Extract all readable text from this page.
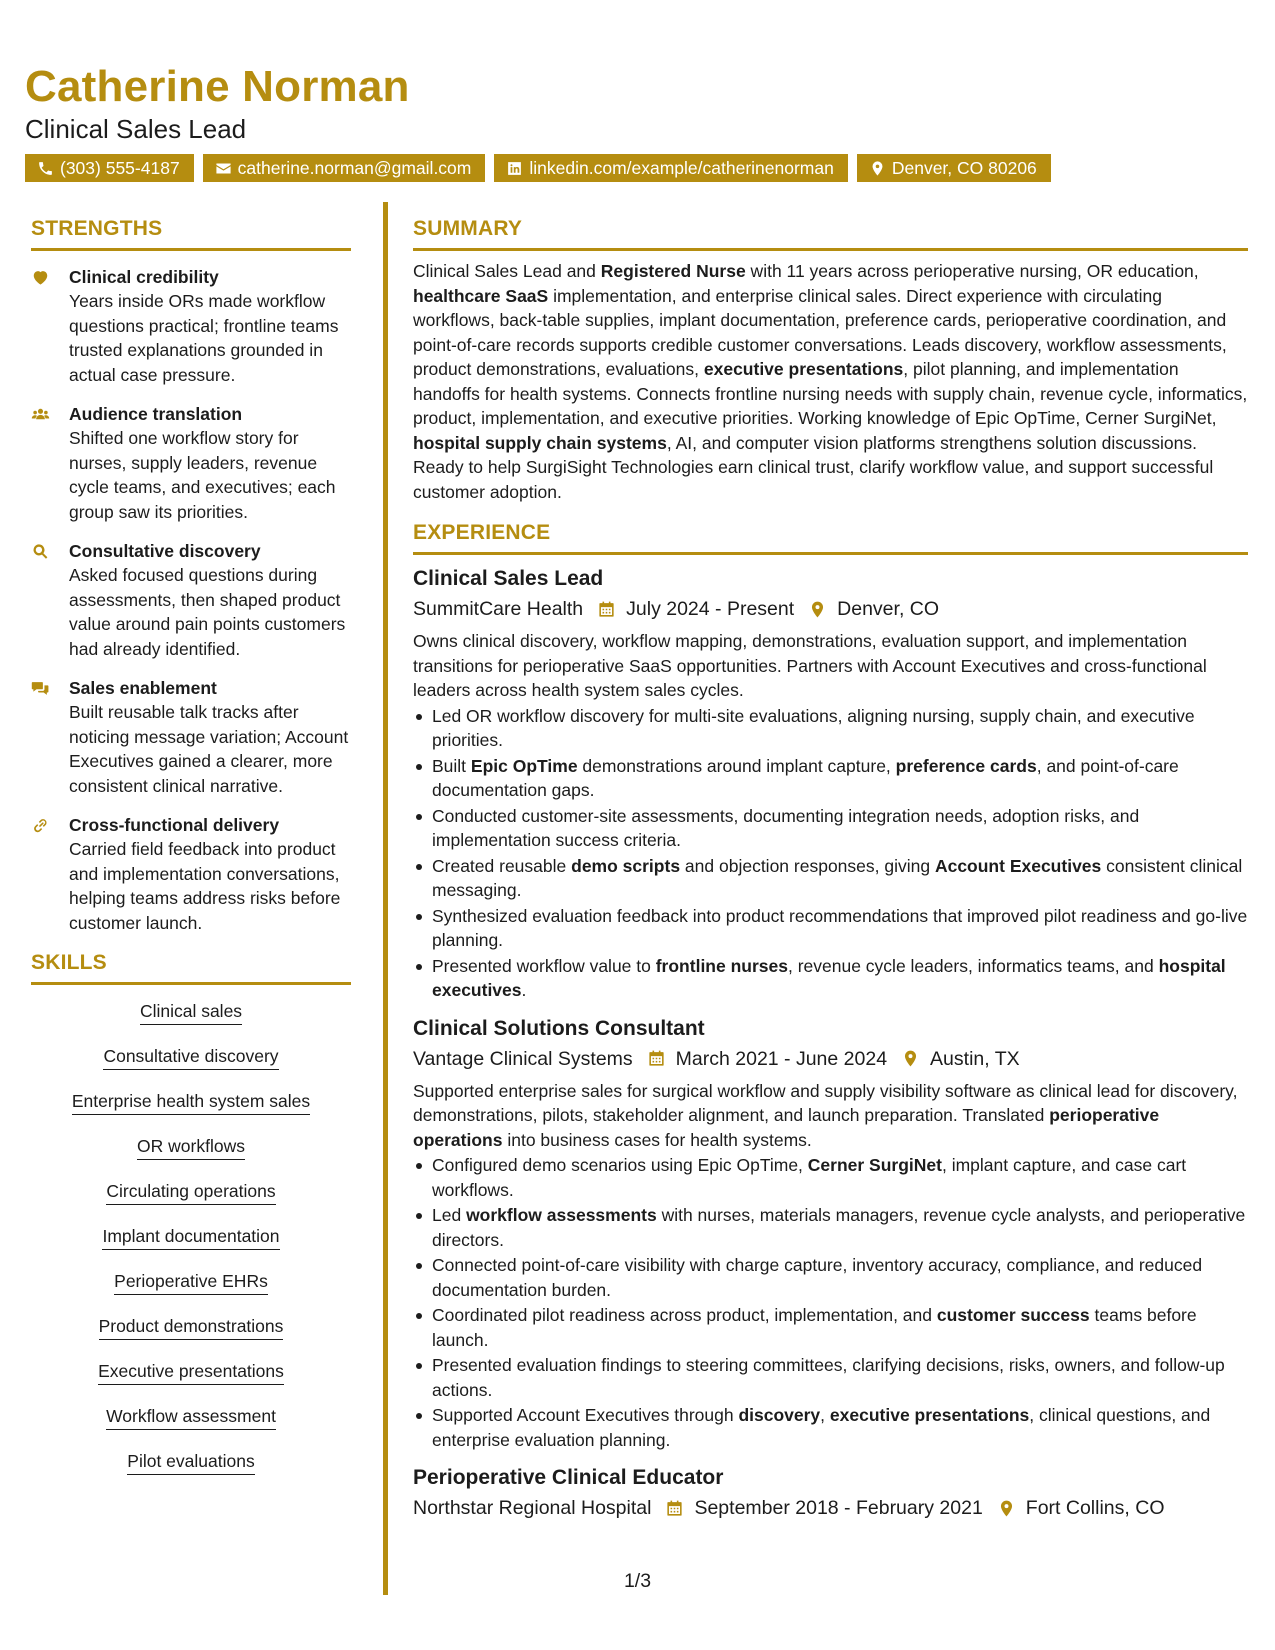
Catherine Norman
Clinical Sales Lead
(303) 555-4187	catherine.norman@gmail.com	linkedin.com/example/catherinenorman	Denver, CO 80206
STRENGTHS
Clinical credibility
Years inside ORs made workflow questions practical; frontline teams trusted explanations grounded in actual case pressure.
Audience translation
Shifted one workflow story for nurses, supply leaders, revenue cycle teams, and executives; each group saw its priorities.
Consultative discovery
Asked focused questions during assessments, then shaped product value around pain points customers had already identified.
Sales enablement
Built reusable talk tracks after noticing message variation; Account Executives gained a clearer, more consistent clinical narrative.
Cross-functional delivery
Carried field feedback into product and implementation conversations, helping teams address risks before customer launch.
SKILLS
Clinical sales
Consultative discovery
Enterprise health system sales
OR workflows
Circulating operations
Implant documentation
Perioperative EHRs
Product demonstrations
Executive presentations
Workflow assessment
Pilot evaluations
SUMMARY
Clinical Sales Lead and Registered Nurse with 11 years across perioperative nursing, OR education, healthcare SaaS implementation, and enterprise clinical sales. Direct experience with circulating workflows, back-table supplies, implant documentation, preference cards, perioperative coordination, and point-of-care records supports credible customer conversations. Leads discovery, workflow assessments, product demonstrations, evaluations, executive presentations, pilot planning, and implementation handoffs for health systems. Connects frontline nursing needs with supply chain, revenue cycle, informatics, product, implementation, and executive priorities. Working knowledge of Epic OpTime, Cerner SurgiNet, hospital supply chain systems, AI, and computer vision platforms strengthens solution discussions. Ready to help SurgiSight Technologies earn clinical trust, clarify workflow value, and support successful customer adoption.
EXPERIENCE
Clinical Sales Lead
SummitCare Health July 2024 - Present Denver, CO
Owns clinical discovery, workflow mapping, demonstrations, evaluation support, and implementation transitions for perioperative SaaS opportunities. Partners with Account Executives and cross-functional leaders across health system sales cycles.
Led OR workflow discovery for multi-site evaluations, aligning nursing, supply chain, and executive priorities.
Built Epic OpTime demonstrations around implant capture, preference cards, and point-of-care documentation gaps.
Conducted customer-site assessments, documenting integration needs, adoption risks, and implementation success criteria.
Created reusable demo scripts and objection responses, giving Account Executives consistent clinical messaging.
Synthesized evaluation feedback into product recommendations that improved pilot readiness and go-live planning.
Presented workflow value to frontline nurses, revenue cycle leaders, informatics teams, and hospital executives.
Clinical Solutions Consultant
Vantage Clinical Systems March 2021 - June 2024 Austin, TX
Supported enterprise sales for surgical workflow and supply visibility software as clinical lead for discovery, demonstrations, pilots, stakeholder alignment, and launch preparation. Translated perioperative operations into business cases for health systems.
Configured demo scenarios using Epic OpTime, Cerner SurgiNet, implant capture, and case cart workflows.
Led workflow assessments with nurses, materials managers, revenue cycle analysts, and perioperative directors.
Connected point-of-care visibility with charge capture, inventory accuracy, compliance, and reduced documentation burden.
Coordinated pilot readiness across product, implementation, and customer success teams before launch.
Presented evaluation findings to steering committees, clarifying decisions, risks, owners, and follow-up actions.
Supported Account Executives through discovery, executive presentations, clinical questions, and enterprise evaluation planning.
Perioperative Clinical Educator
Northstar Regional Hospital September 2018 - February 2021 Fort Collins, CO
1/3
